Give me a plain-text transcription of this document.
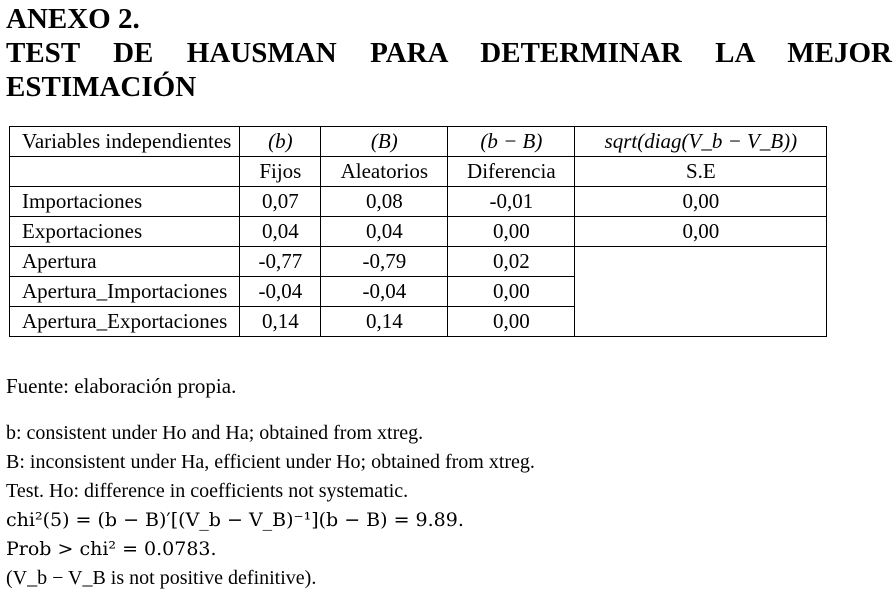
ANEXO 2.

TEST DE HAUSMAN PARA DETERMINAR LA MEJOR
ESTIMACIÓN
Variables independientes	(b)	(B)	(b − B)	sqrt(diag(V_b − V_B))
	Fijos	Aleatorios	Diferencia	S.E
Importaciones	0,07	0,08	-0,01	0,00
Exportaciones	0,04	0,04	0,00	0,00
Apertura	-0,77	-0,79	0,02	
Apertura_Importaciones	-0,04	-0,04	0,00	
Apertura_Exportaciones	0,14	0,14	0,00	
Fuente: elaboración propia.
b: consistent under Ho and Ha; obtained from xtreg.
B: inconsistent under Ha, efficient under Ho; obtained from xtreg.
Test. Ho: difference in coefficients not systematic.
chi²(5) = (b − B)′[(V_b − V_B)⁻¹](b − B) = 9.89.
Prob > chi² = 0.0783.
(V_b − V_B is not positive definitive).
